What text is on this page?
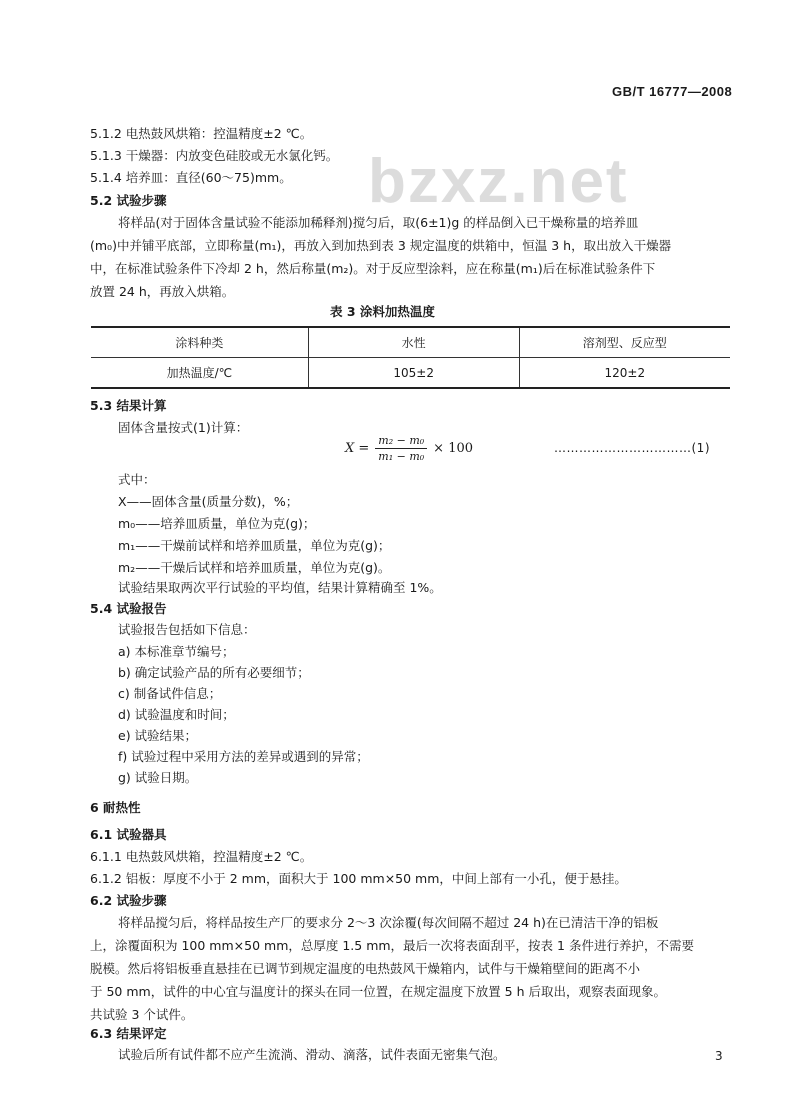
GB/T 16777—2008
bzxz.net
5.1.2 电热鼓风烘箱：控温精度±2 ℃。
5.1.3 干燥器：内放变色硅胶或无水氯化钙。
5.1.4 培养皿：直径(60～75)mm。
5.2 试验步骤
将样品(对于固体含量试验不能添加稀释剂)搅匀后，取(6±1)g 的样品倒入已干燥称量的培养皿
(m₀)中并铺平底部，立即称量(m₁)，再放入到加热到表 3 规定温度的烘箱中，恒温 3 h，取出放入干燥器
中，在标准试验条件下冷却 2 h，然后称量(m₂)。对于反应型涂料，应在称量(m₁)后在标准试验条件下
放置 24 h，再放入烘箱。
表 3 涂料加热温度
涂料种类	水性	溶剂型、反应型
加热温度/℃	105±2	120±2
5.3 结果计算
固体含量按式(1)计算：
$X = \frac{\text{m₂ − m₀}}{\text{m₁ − m₀}} \times 100$	……………………………(1)
式中：
X——固体含量(质量分数)，%；
m₀——培养皿质量，单位为克(g)；
m₁——干燥前试样和培养皿质量，单位为克(g)；
m₂——干燥后试样和培养皿质量，单位为克(g)。
试验结果取两次平行试验的平均值，结果计算精确至 1%。
5.4 试验报告
试验报告包括如下信息：
a) 本标准章节编号；
b) 确定试验产品的所有必要细节；
c) 制备试件信息；
d) 试验温度和时间；
e) 试验结果；
f) 试验过程中采用方法的差异或遇到的异常；
g) 试验日期。
6 耐热性
6.1 试验器具
6.1.1 电热鼓风烘箱，控温精度±2 ℃。
6.1.2 铝板：厚度不小于 2 mm，面积大于 100 mm×50 mm，中间上部有一小孔，便于悬挂。
6.2 试验步骤
将样品搅匀后，将样品按生产厂的要求分 2～3 次涂覆(每次间隔不超过 24 h)在已清洁干净的铝板
上，涂覆面积为 100 mm×50 mm，总厚度 1.5 mm，最后一次将表面刮平，按表 1 条件进行养护，不需要
脱模。然后将铝板垂直悬挂在已调节到规定温度的电热鼓风干燥箱内，试件与干燥箱壁间的距离不小
于 50 mm，试件的中心宜与温度计的探头在同一位置，在规定温度下放置 5 h 后取出，观察表面现象。
共试验 3 个试件。
6.3 结果评定
试验后所有试件都不应产生流淌、滑动、滴落，试件表面无密集气泡。	3
